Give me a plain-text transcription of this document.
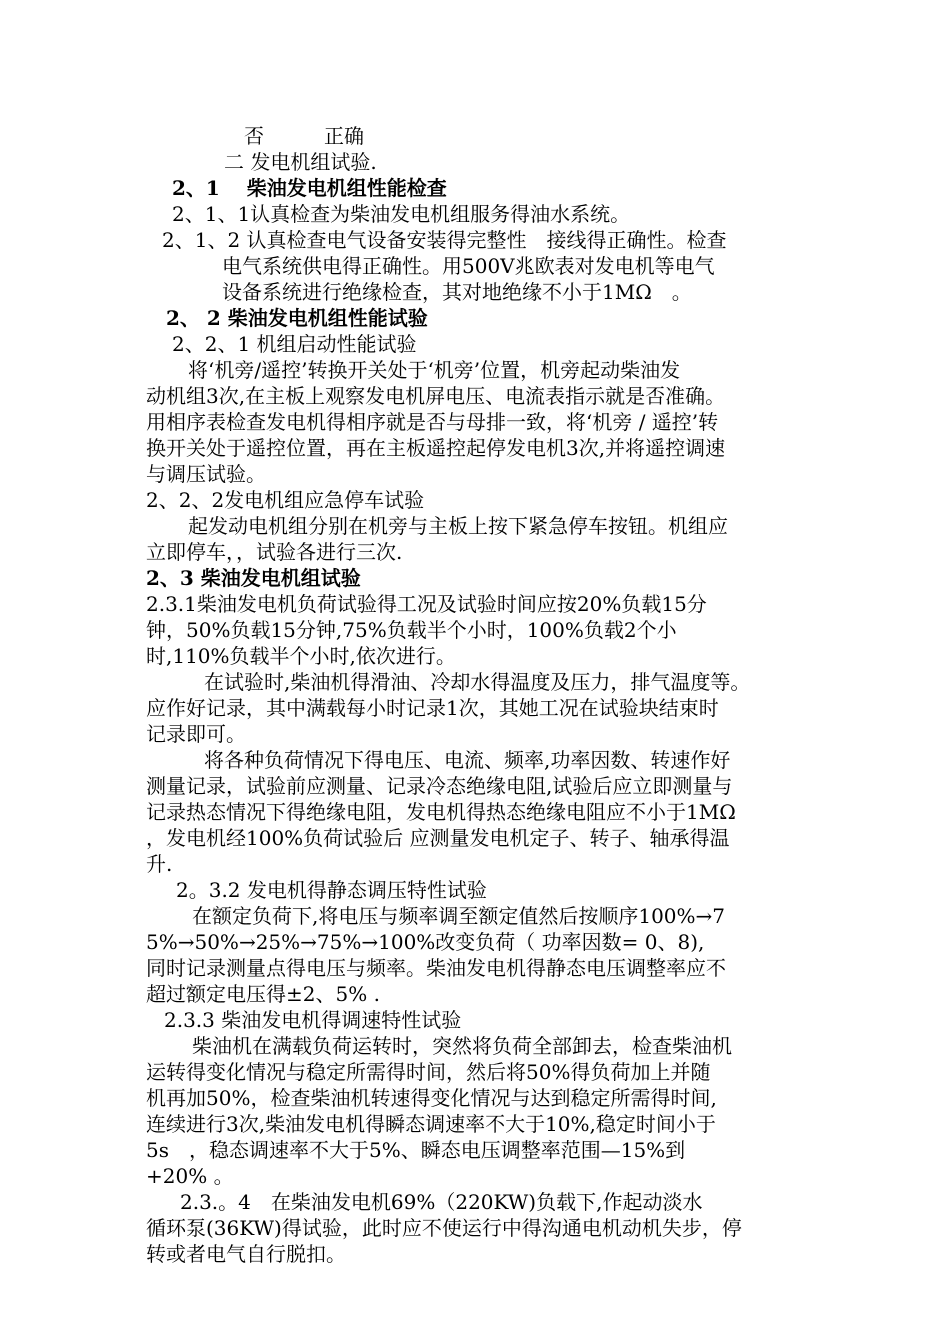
否　　　正确
二 发电机组试验.
2、1　 柴油发电机组性能检查
2、1、1认真检查为柴油发电机组服务得油水系统。
2、1、2 认真检查电气设备安装得完整性　接线得正确性。检查
电气系统供电得正确性。用500V兆欧表对发电机等电气
设备系统进行绝缘检查，其对地绝缘不小于1MΩ　。
2、 2 柴油发电机组性能试验
2、2、1 机组启动性能试验
将‘机旁/遥控’转换开关处于‘机旁’位置，机旁起动柴油发
动机组3次,在主板上观察发电机屏电压、电流表指示就是否准确。
用相序表检查发电机得相序就是否与母排一致，将‘机旁 / 遥控’转
换开关处于遥控位置，再在主板遥控起停发电机3次,并将遥控调速
与调压试验。
2、2、2发电机组应急停车试验
起发动电机组分别在机旁与主板上按下紧急停车按钮。机组应
立即停车，，试验各进行三次.
2、3 柴油发电机组试验
2.3.1柴油发电机负荷试验得工况及试验时间应按20%负载15分
钟，50%负载15分钟,75%负载半个小时，100%负载2个小
时,110%负载半个小时,依次进行。
在试验时,柴油机得滑油、冷却水得温度及压力，排气温度等。
应作好记录，其中满载每小时记录1次，其她工况在试验块结束时
记录即可。
将各种负荷情况下得电压、电流、频率,功率因数、转速作好
测量记录，试验前应测量、记录冷态绝缘电阻,试验后应立即测量与
记录热态情况下得绝缘电阻，发电机得热态绝缘电阻应不小于1MΩ
，发电机经100%负荷试验后 应测量发电机定子、转子、轴承得温
升.
2。3.2 发电机得静态调压特性试验
在额定负荷下,将电压与频率调至额定值然后按顺序100%→7
5%→50%→25%→75%→100%改变负荷（ 功率因数= 0、8),
同时记录测量点得电压与频率。柴油发电机得静态电压调整率应不
超过额定电压得±2、5% .
2.3.3 柴油发电机得调速特性试验
柴油机在满载负荷运转时，突然将负荷全部卸去，检查柴油机
运转得变化情况与稳定所需得时间，然后将50%得负荷加上并随
机再加50%，检查柴油机转速得变化情况与达到稳定所需得时间,
连续进行3次,柴油发电机得瞬态调速率不大于10%,稳定时间小于
5s　，稳态调速率不大于5%、瞬态电压调整率范围—15%到
+20% 。
2.3.。4　在柴油发电机69%（220KW)负载下,作起动淡水
循环泵(36KW)得试验，此时应不使运行中得沟通电机动机失步，停
转或者电气自行脱扣。
